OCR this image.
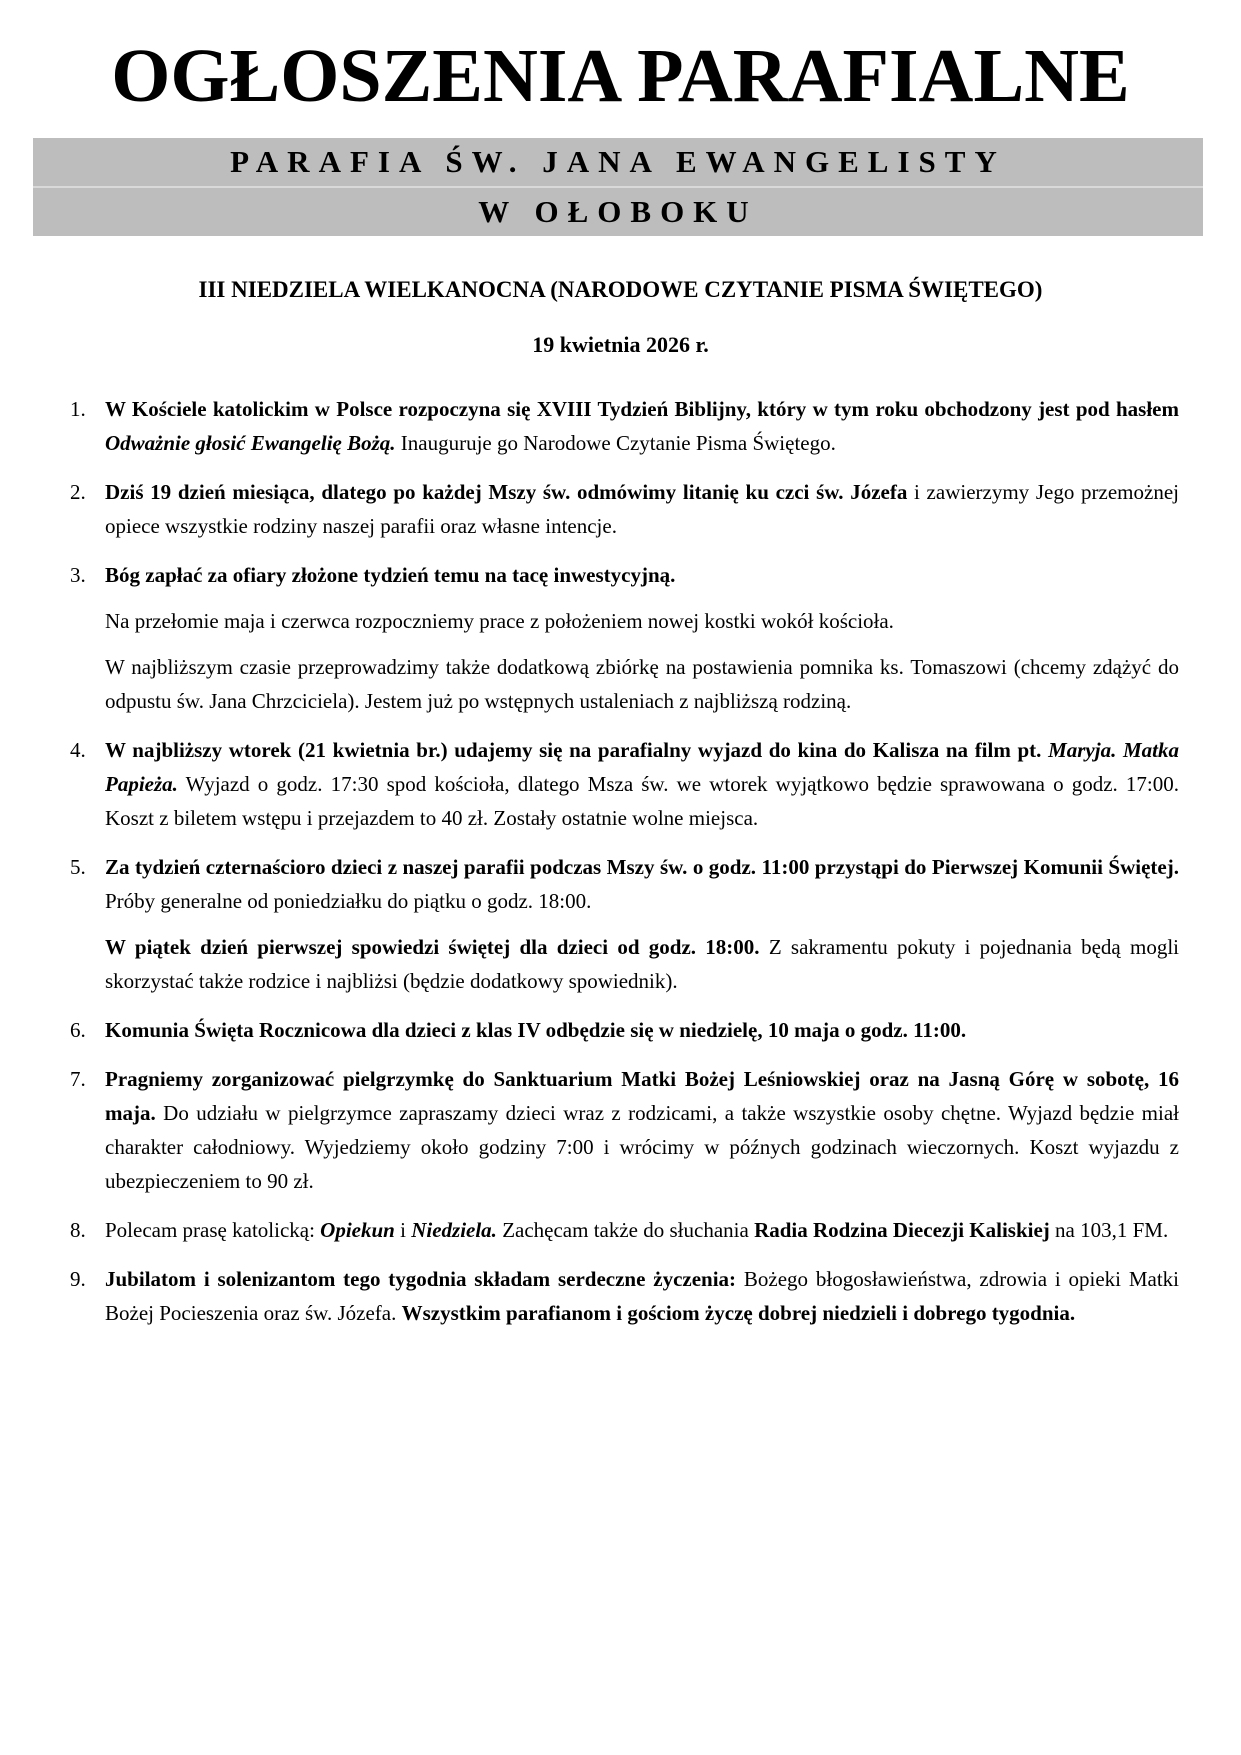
OGŁOSZENIA PARAFIALNE
PARAFIA ŚW. JANA EWANGELISTY
W OŁOBOKU
III NIEDZIELA WIELKANOCNA (NARODOWE CZYTANIE PISMA ŚWIĘTEGO)
19 kwietnia 2026 r.
1. W Kościele katolickim w Polsce rozpoczyna się XVIII Tydzień Biblijny, który w tym roku obchodzony jest pod hasłem Odważnie głosić Ewangelię Bożą. Inauguruje go Narodowe Czytanie Pisma Świętego.

2. Dziś 19 dzień miesiąca, dlatego po każdej Mszy św. odmówimy litanię ku czci św. Józefa i zawierzymy Jego przemożnej opiece wszystkie rodziny naszej parafii oraz własne intencje.

3. Bóg zapłać za ofiary złożone tydzień temu na tacę inwestycyjną.

Na przełomie maja i czerwca rozpoczniemy prace z położeniem nowej kostki wokół kościoła.

W najbliższym czasie przeprowadzimy także dodatkową zbiórkę na postawienia pomnika ks. Tomaszowi (chcemy zdążyć do odpustu św. Jana Chrzciciela). Jestem już po wstępnych ustaleniach z najbliższą rodziną.

4. W najbliższy wtorek (21 kwietnia br.) udajemy się na parafialny wyjazd do kina do Kalisza na film pt. Maryja. Matka Papieża. Wyjazd o godz. 17:30 spod kościoła, dlatego Msza św. we wtorek wyjątkowo będzie sprawowana o godz. 17:00. Koszt z biletem wstępu i przejazdem to 40 zł. Zostały ostatnie wolne miejsca.

5. Za tydzień czternaścioro dzieci z naszej parafii podczas Mszy św. o godz. 11:00 przystąpi do Pierwszej Komunii Świętej. Próby generalne od poniedziałku do piątku o godz. 18:00.

W piątek dzień pierwszej spowiedzi świętej dla dzieci od godz. 18:00. Z sakramentu pokuty i pojednania będą mogli skorzystać także rodzice i najbliżsi (będzie dodatkowy spowiednik).

6. Komunia Święta Rocznicowa dla dzieci z klas IV odbędzie się w niedzielę, 10 maja o godz. 11:00.

7. Pragniemy zorganizować pielgrzymkę do Sanktuarium Matki Bożej Leśniowskiej oraz na Jasną Górę w sobotę, 16 maja. Do udziału w pielgrzymce zapraszamy dzieci wraz z rodzicami, a także wszystkie osoby chętne. Wyjazd będzie miał charakter całodniowy. Wyjedziemy około godziny 7:00 i wrócimy w późnych godzinach wieczornych. Koszt wyjazdu z ubezpieczeniem to 90 zł.

8. Polecam prasę katolicką: Opiekun i Niedziela. Zachęcam także do słuchania Radia Rodzina Diecezji Kaliskiej na 103,1 FM.

9. Jubilatom i solenizantom tego tygodnia składam serdeczne życzenia: Bożego błogosławieństwa, zdrowia i opieki Matki Bożej Pocieszenia oraz św. Józefa. Wszystkim parafianom i gościom życzę dobrej niedzieli i dobrego tygodnia.
